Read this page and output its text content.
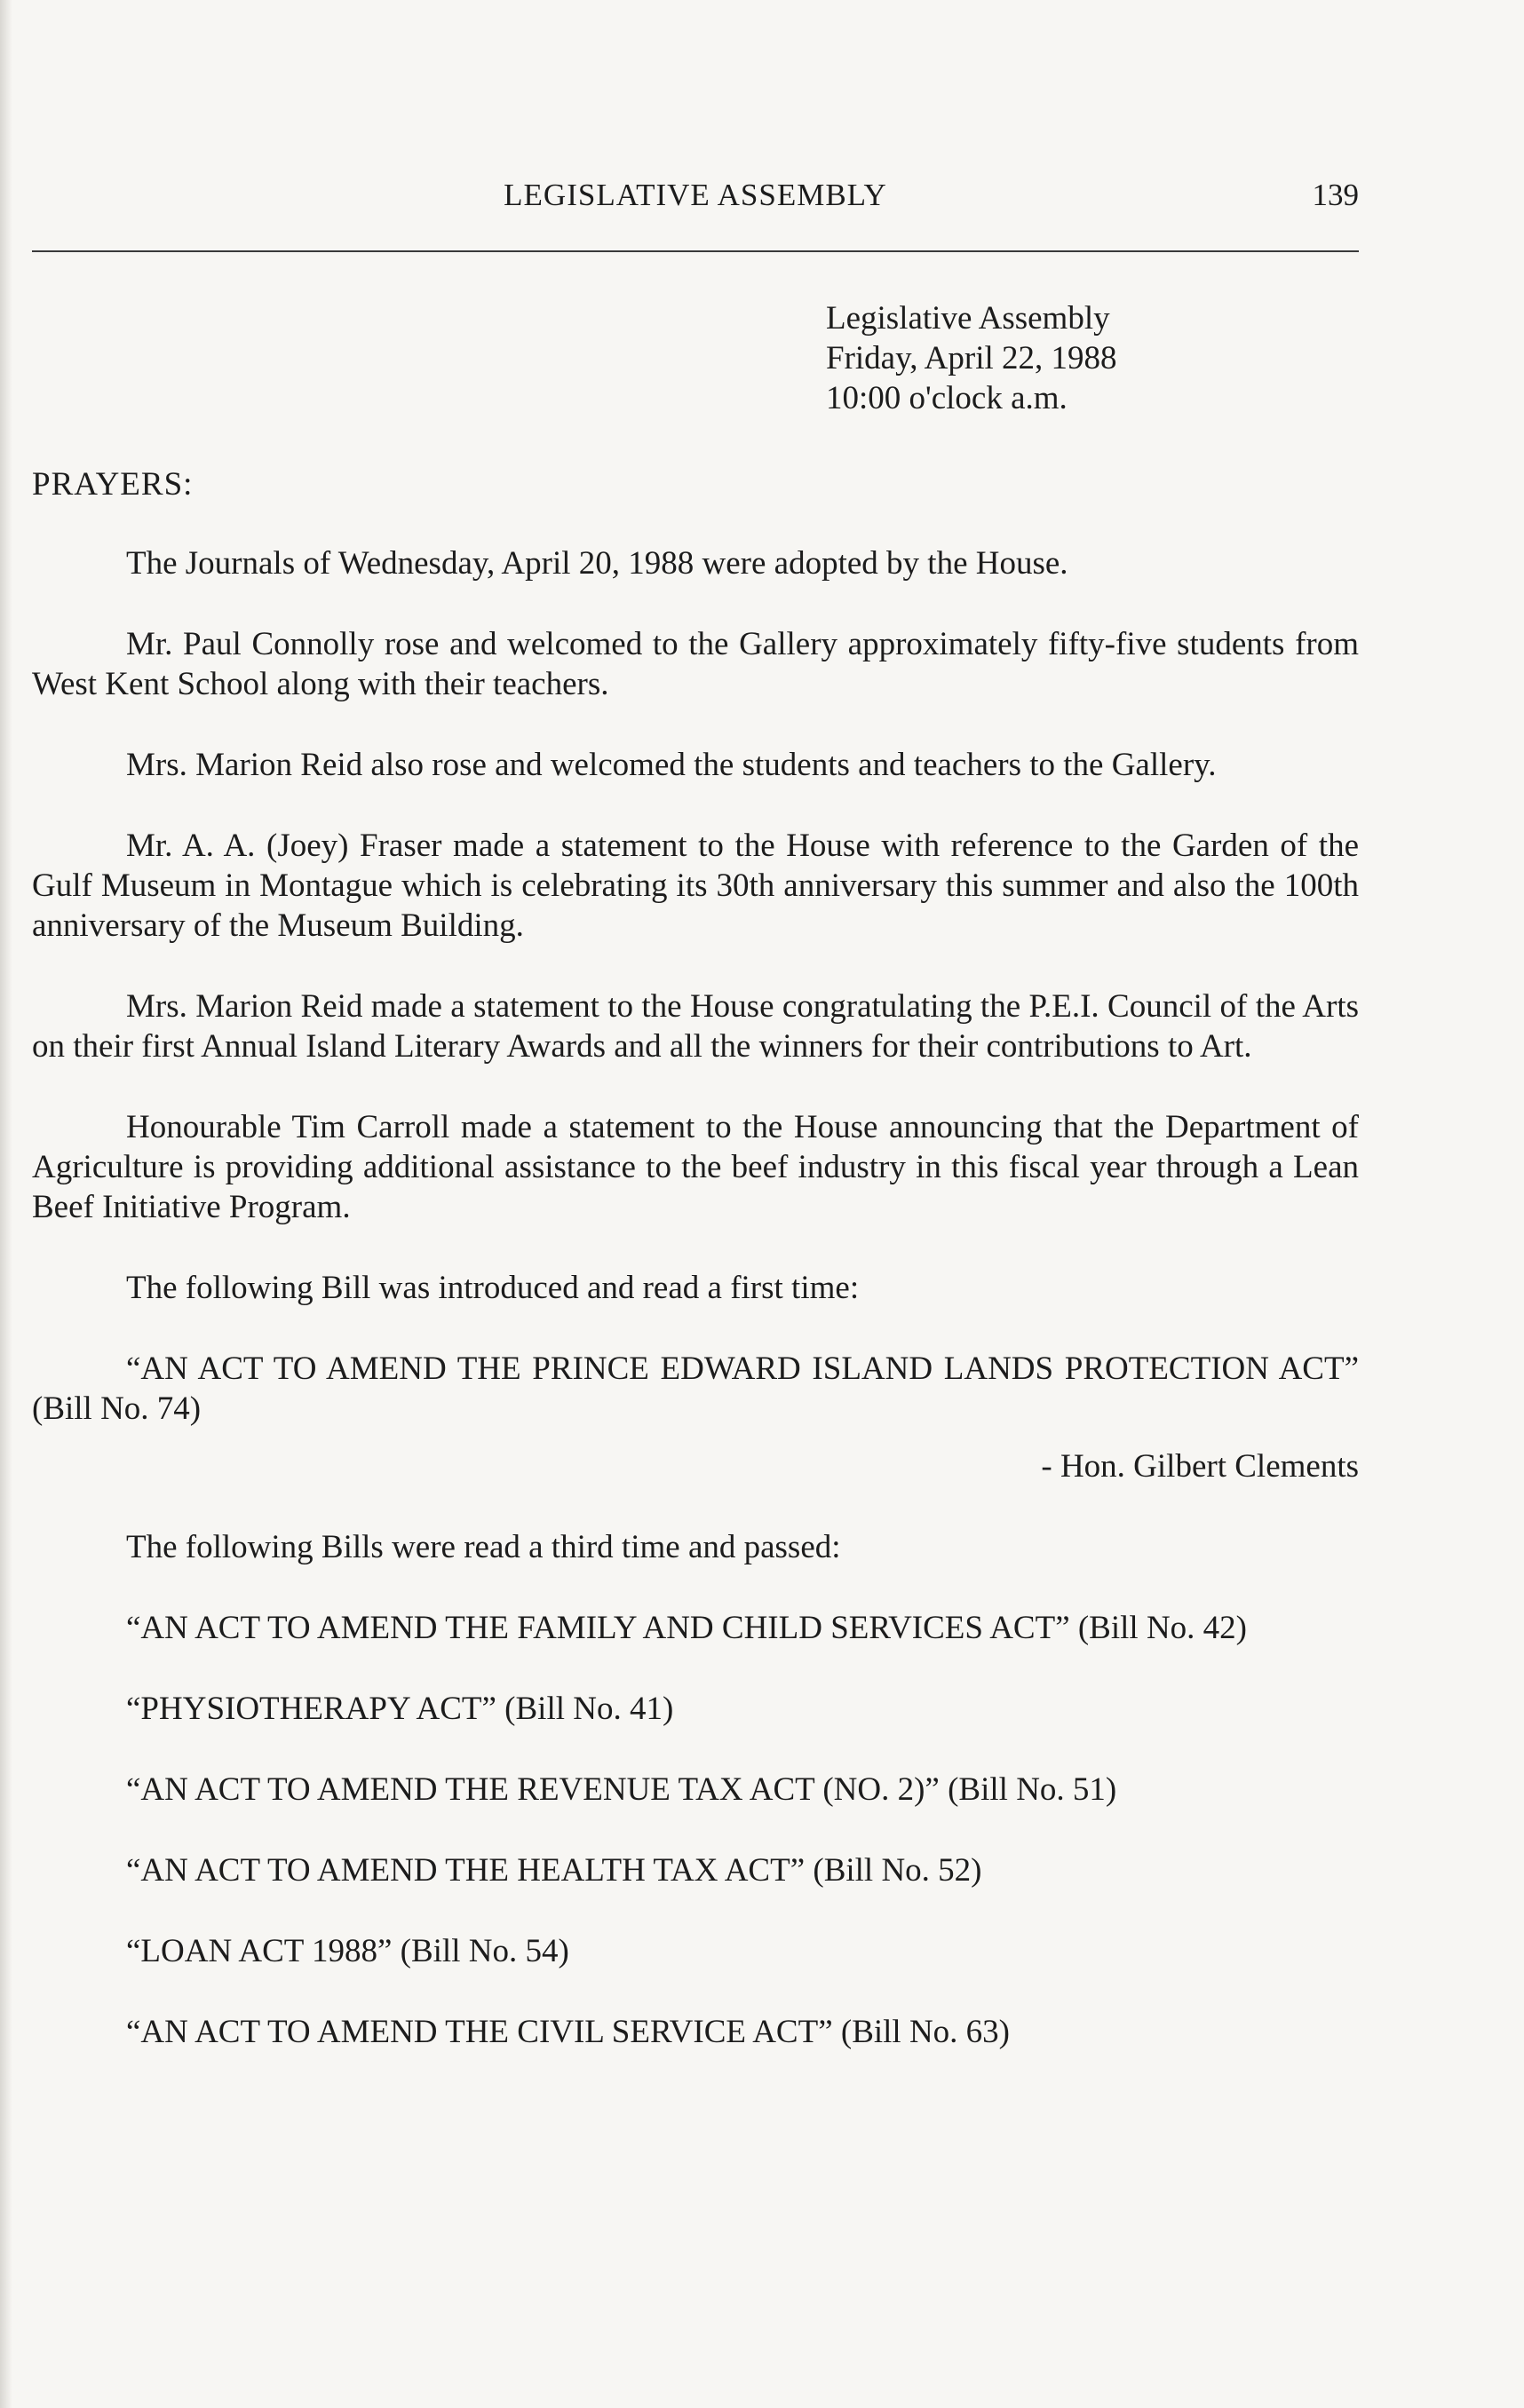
LEGISLATIVE ASSEMBLY	139
Legislative Assembly
Friday, April 22, 1988
10:00 o'clock a.m.
PRAYERS:

The Journals of Wednesday, April 20, 1988 were adopted by the House.

Mr. Paul Connolly rose and welcomed to the Gallery approximately fifty-five students from West Kent School along with their teachers.

Mrs. Marion Reid also rose and welcomed the students and teachers to the Gallery.

Mr. A. A. (Joey) Fraser made a statement to the House with reference to the Garden of the Gulf Museum in Montague which is celebrating its 30th anniversary this summer and also the 100th anniversary of the Museum Building.

Mrs. Marion Reid made a statement to the House congratulating the P.E.I. Council of the Arts on their first Annual Island Literary Awards and all the winners for their contributions to Art.

Honourable Tim Carroll made a statement to the House announcing that the Department of Agriculture is providing additional assistance to the beef industry in this fiscal year through a Lean Beef Initiative Program.

The following Bill was introduced and read a first time:

“AN ACT TO AMEND THE PRINCE EDWARD ISLAND LANDS PROTECTION ACT” (Bill No. 74)

- Hon. Gilbert Clements

The following Bills were read a third time and passed:

“AN ACT TO AMEND THE FAMILY AND CHILD SERVICES ACT” (Bill No. 42)

“PHYSIOTHERAPY ACT” (Bill No. 41)

“AN ACT TO AMEND THE REVENUE TAX ACT (NO. 2)” (Bill No. 51)

“AN ACT TO AMEND THE HEALTH TAX ACT” (Bill No. 52)

“LOAN ACT 1988” (Bill No. 54)

“AN ACT TO AMEND THE CIVIL SERVICE ACT” (Bill No. 63)
